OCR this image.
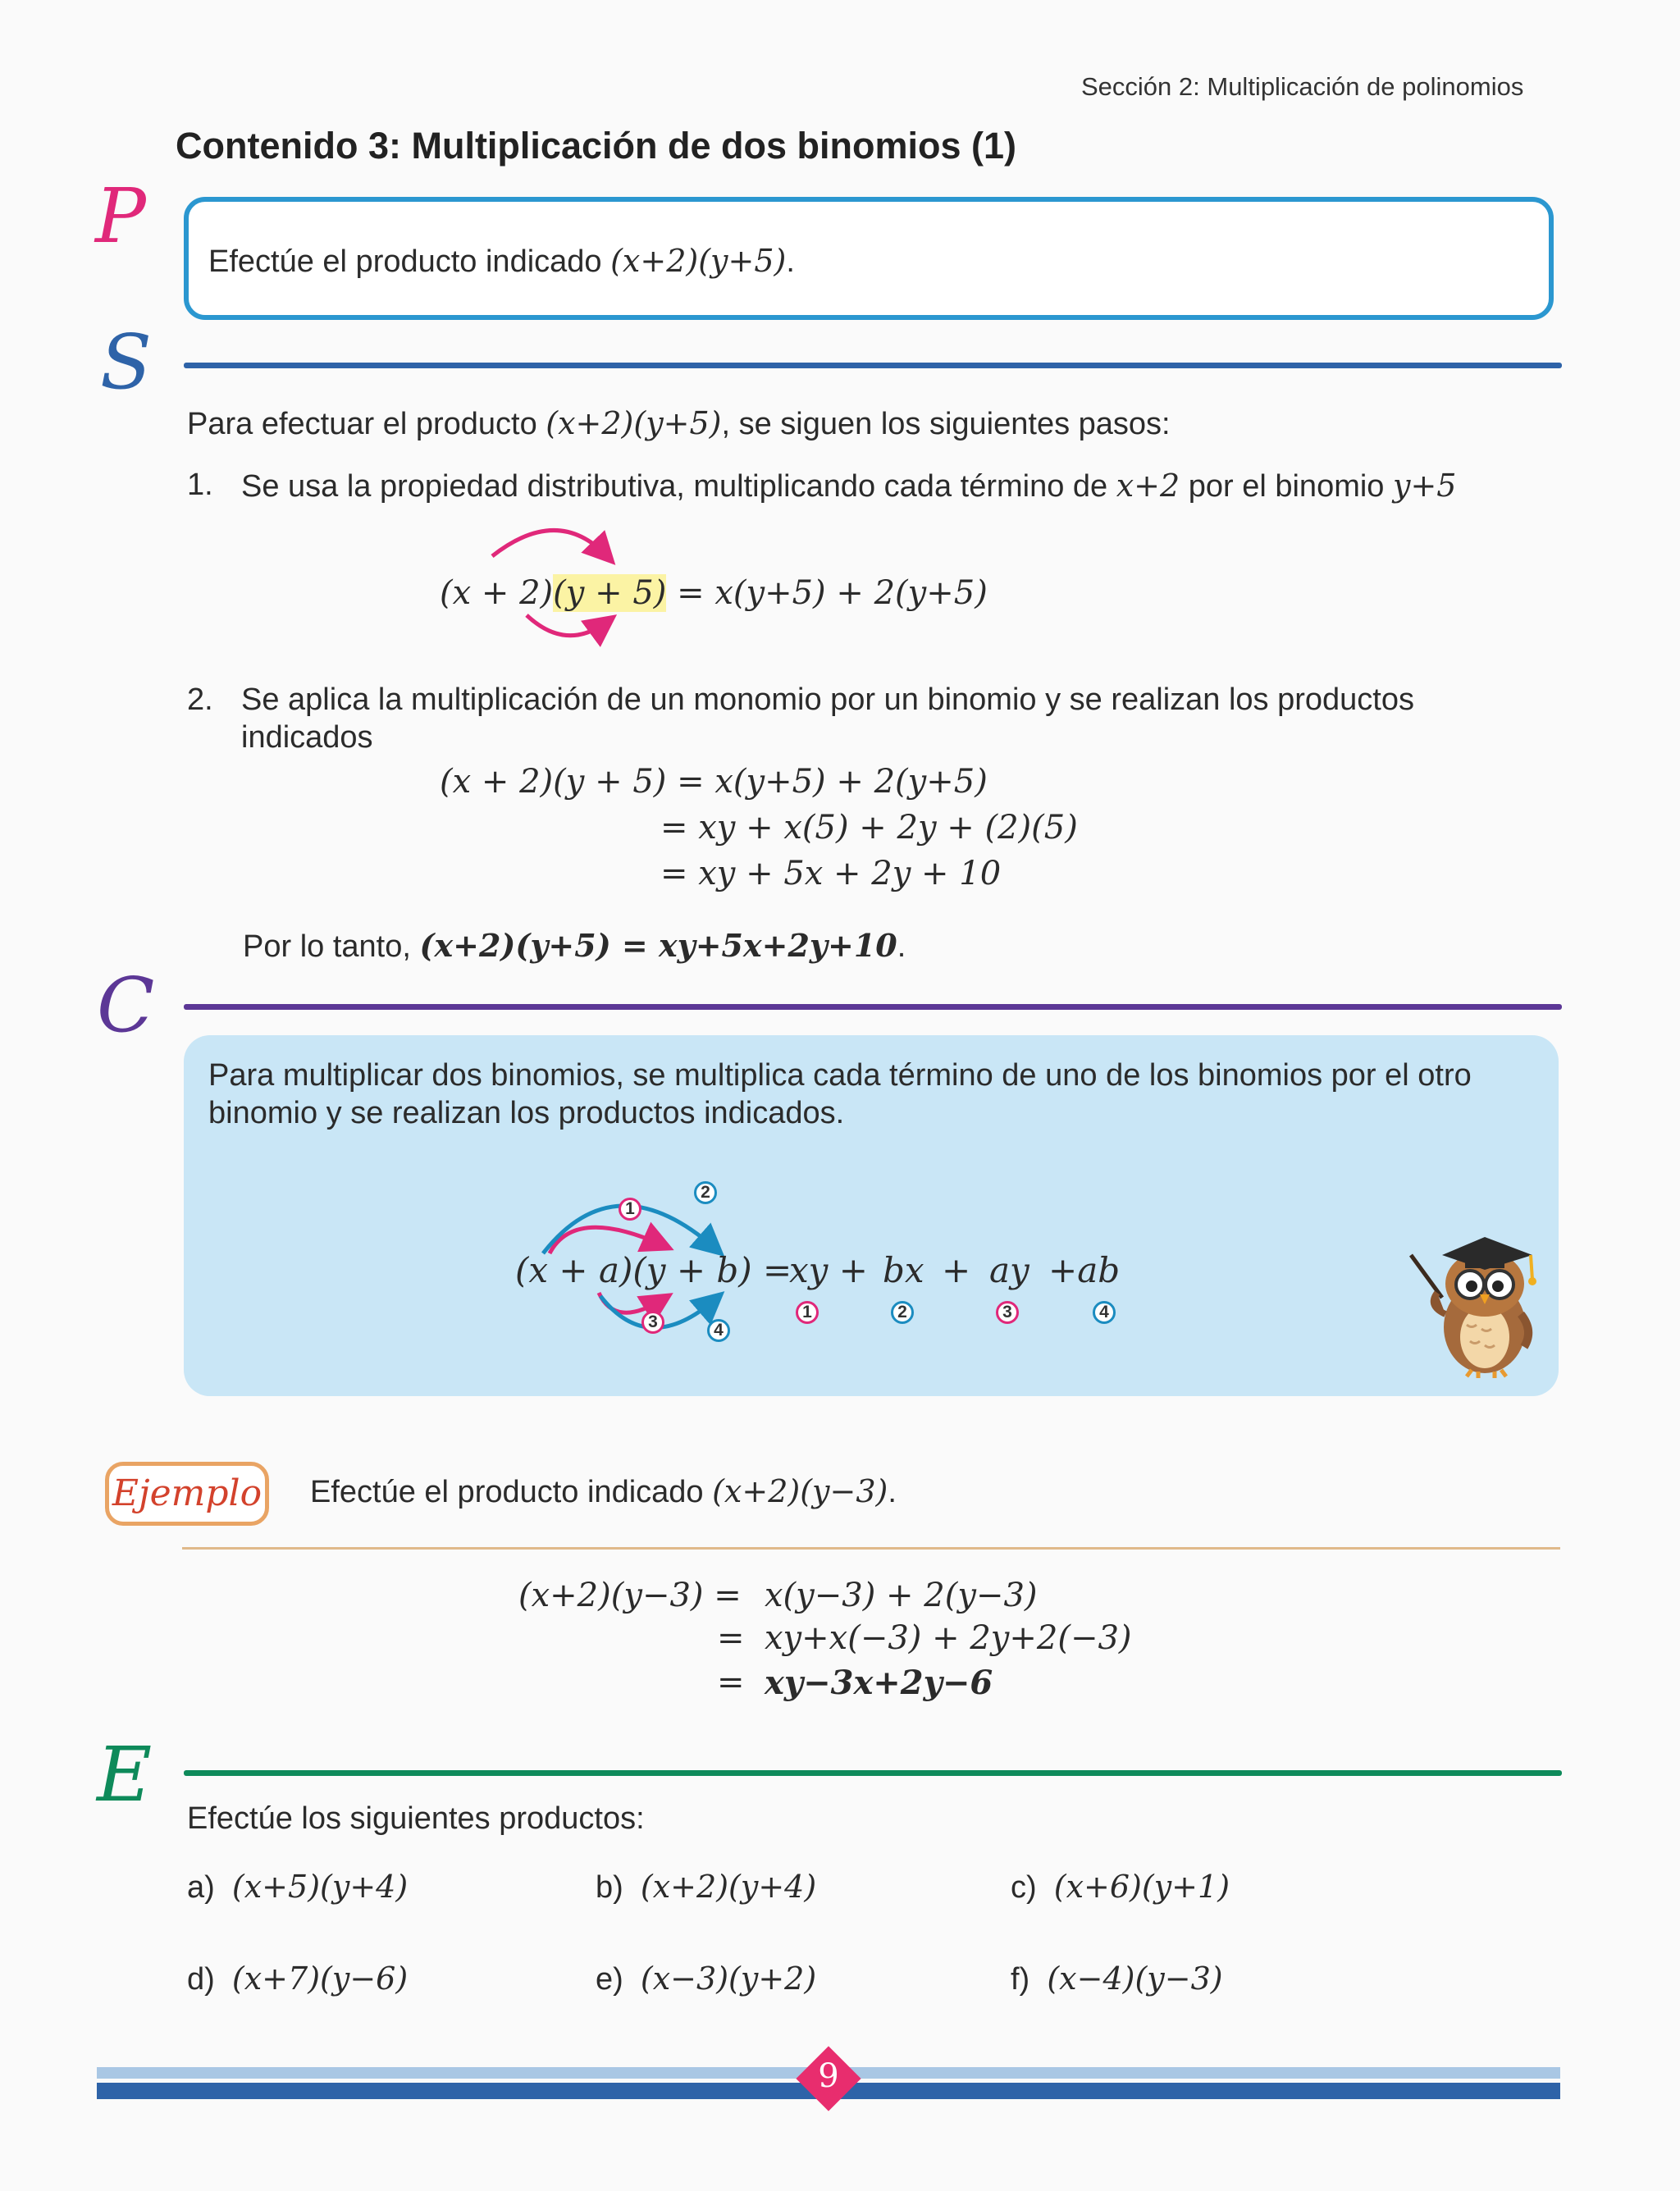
Sección 2: Multiplicación de polinomios
Contenido 3: Multiplicación de dos binomios (1)
P
Efectúe el producto indicado (x+2)(y+5).
S
Para efectuar el producto (x+2)(y+5), se siguen los siguientes pasos:
1. Se usa la propiedad distributiva, multiplicando cada término de x+2 por el binomio y+5
(x + 2)(y + 5) = x(y+5) + 2(y+5)
2. Se aplica la multiplicación de un monomio por un binomio y se realizan los productos
indicados
(x + 2)(y + 5) = x(y+5) + 2(y+5)
= xy + x(5) + 2y + (2)(5)
= xy + 5x + 2y + 10
Por lo tanto, (x+2)(y+5) = xy+5x+2y+10.
C
Para multiplicar dos binomios, se multiplica cada término de uno de los binomios por el otro
binomio y se realizan los productos indicados.
1
2
3	4
(x + a)(y + b) =
xy + bx + ay +ab
1	2	3	4
Ejemplo Efectúe el producto indicado (x+2)(y−3).
(x+2)(y−3) = x(y−3) + 2(y−3)
= xy+x(−3) + 2y+2(−3)
= xy−3x+2y−6
E Efectúe los siguientes productos:
a) (x+5)(y+4)	b) (x+2)(y+4)	c) (x+6)(y+1)
d) (x+7)(y−6)	e) (x−3)(y+2)	f) (x−4)(y−3)
9
